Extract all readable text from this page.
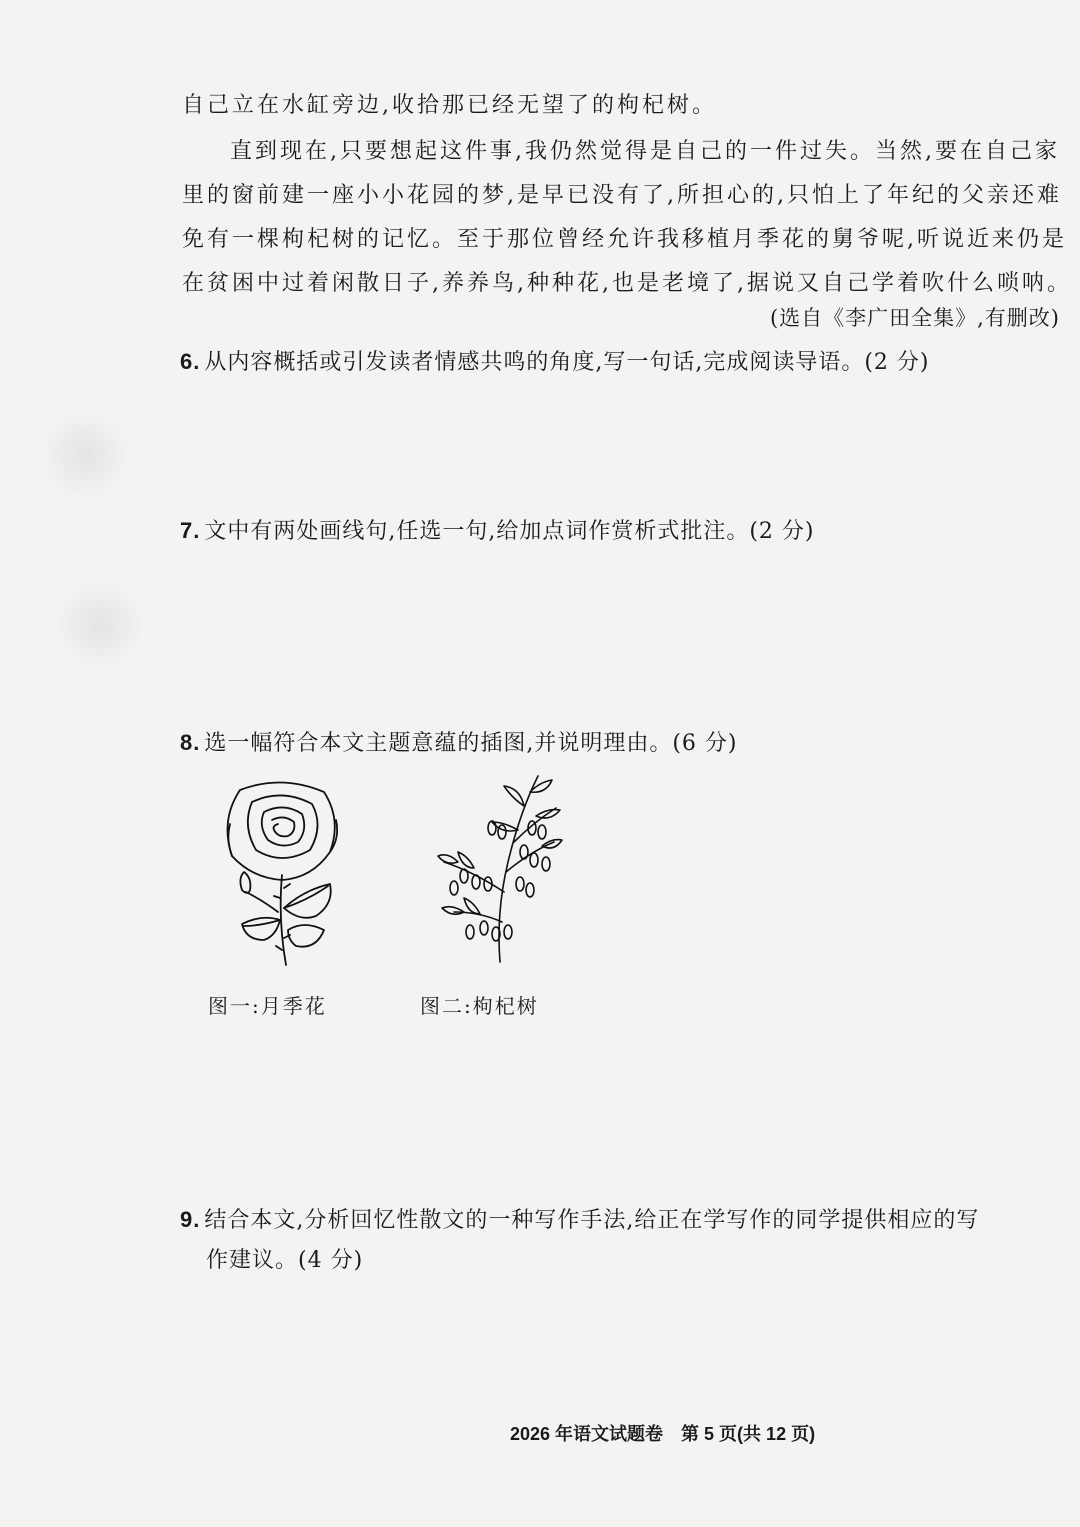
自己立在水缸旁边,收拾那已经无望了的枸杞树。
直到现在,只要想起这件事,我仍然觉得是自己的一件过失。当然,要在自己家
里的窗前建一座小小花园的梦,是早已没有了,所担心的,只怕上了年纪的父亲还难
免有一棵枸杞树的记忆。至于那位曾经允许我移植月季花的舅爷呢,听说近来仍是
在贫困中过着闲散日子,养养鸟,种种花,也是老境了,据说又自己学着吹什么唢呐。
(选自《李广田全集》,有删改)
6. 从内容概括或引发读者情感共鸣的角度,写一句话,完成阅读导语。(2 分)
7. 文中有两处画线句,任选一句,给加点词作赏析式批注。(2 分)
8. 选一幅符合本文主题意蕴的插图,并说明理由。(6 分)
图一:月季花	图二:枸杞树
9. 结合本文,分析回忆性散文的一种写作手法,给正在学写作的同学提供相应的写
作建议。(4 分)
2026 年语文试题卷 第 5 页(共 12 页)
